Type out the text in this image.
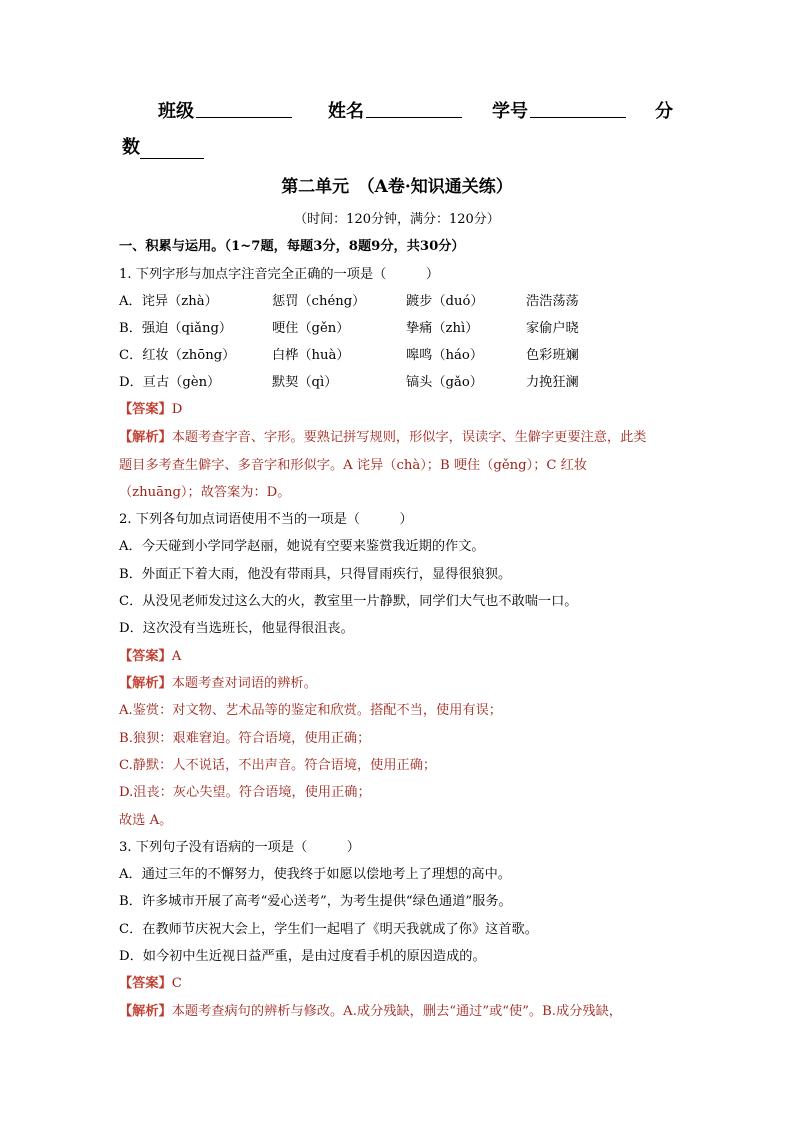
班级	姓名	学号	分
数
第二单元　（A卷·知识通关练）
（时间：120分钟，满分：120分）
一、积累与运用。（1~7题，每题3分，8题9分，共30分）
1. 下列字形与加点字注音完全正确的一项是（　　　）
A．诧异（zhà）	惩罚（chéng）	踱步（duó）	浩浩荡荡
B．强迫（qiǎng）	哽住（gěn）	挚痛（zhì）	家偷户晓
C．红妆（zhōng）	白桦（huà）	嗥鸣（háo）	色彩班斓
D．亘古（gèn）	默契（qì）	镐头（gǎo）	力挽狂澜
【答案】D
【解析】本题考查字音、字形。要熟记拼写规则，形似字，误读字、生僻字更要注意，此类
题目多考查生僻字、多音字和形似字。A 诧异（chà）；B 哽住（gěng）；C 红妆
（zhuāng）；故答案为：D。
2. 下列各句加点词语使用不当的一项是（　　　）
A．今天碰到小学同学赵丽，她说有空要来鉴赏我近期的作文。
B．外面正下着大雨，他没有带雨具，只得冒雨疾行，显得很狼狈。
C．从没见老师发过这么大的火，教室里一片静默，同学们大气也不敢喘一口。
D．这次没有当选班长，他显得很沮丧。
【答案】A
【解析】本题考查对词语的辨析。
A.鉴赏：对文物、艺术品等的鉴定和欣赏。搭配不当，使用有误；
B.狼狈：艰难窘迫。符合语境，使用正确；
C.静默：人不说话，不出声音。符合语境，使用正确；
D.沮丧：灰心失望。符合语境，使用正确；
故选 A。
3. 下列句子没有语病的一项是（　　　）
A．通过三年的不懈努力，使我终于如愿以偿地考上了理想的高中。
B．许多城市开展了高考“爱心送考”，为考生提供“绿色通道”服务。
C．在教师节庆祝大会上，学生们一起唱了《明天我就成了你》这首歌。
D．如今初中生近视日益严重，是由过度看手机的原因造成的。
【答案】C
【解析】本题考查病句的辨析与修改。A.成分残缺，删去“通过”或“使”。B.成分残缺，
